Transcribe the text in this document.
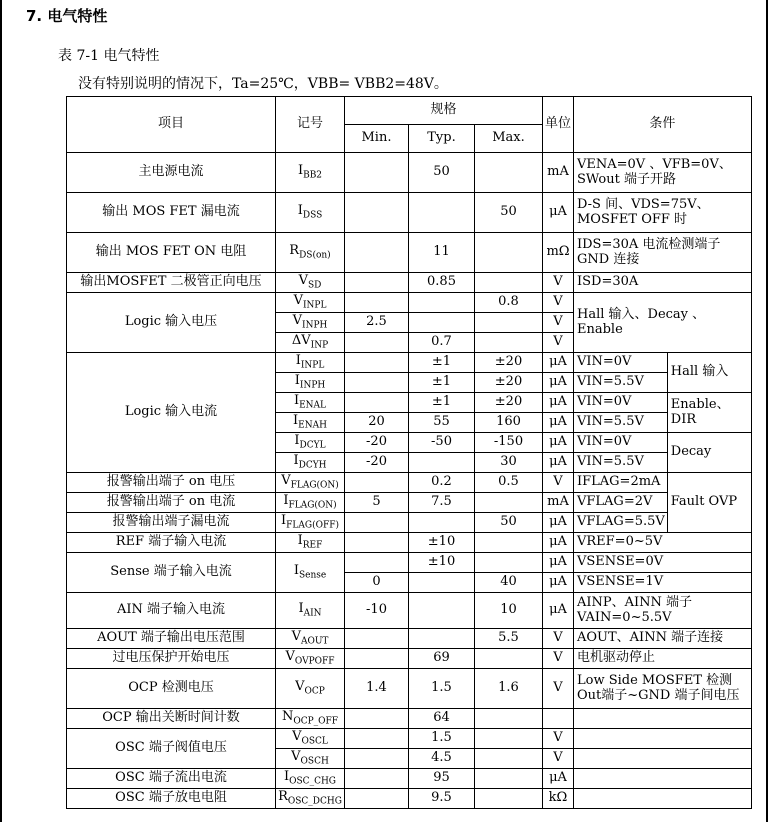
7. 电气特性
表 7-1 电气特性
没有特别说明的情况下，Ta=25℃，VBB= VBB2=48V。
项目	记号	规格			单位	条件	
		Min.	Typ.	Max.			
主电源电流	$I_{BB2}$		50		mA	VENA=0V 、VFB=0V、SWout 端子开路	
输出 MOS FET 漏电流	$I_{DSS}$			50	μA	D-S 间、VDS=75V、MOSFET OFF 时	
输出 MOS FET ON 电阻	$R_{DS(on)}$		11		mΩ	IDS=30A 电流检测端子 GND 连接	
输出MOSFET 二极管正向电压	$V_{SD}$		0.85		V	ISD=30A	
Logic 输入电压	$V_{INPL}$			0.8	V	Hall 输入、Decay 、Enable	
	$V_{INPH}$	2.5			V		
	$\Delta V_{INP}$		0.7		V		
Logic 输入电流	$I_{INPL}$		±1	±20	μA	VIN=0V	Hall 输入
	$I_{INPH}$		±1	±20	μA	VIN=5.5V	
	$I_{ENAL}$		±1	±20	μA	VIN=0V	Enable、DIR
	$I_{ENAH}$	20	55	160	μA	VIN=5.5V	
	$I_{DCYL}$	-20	-50	-150	μA	VIN=0V	Decay
	$I_{DCYH}$	-20		30	μA	VIN=5.5V	
报警输出端子 on 电压	$V_{FLAG(ON)}$		0.2	0.5	V	IFLAG=2mA	Fault OVP
报警输出端子 on 电流	$I_{FLAG(ON)}$	5	7.5		mA	VFLAG=2V	
报警输出端子漏电流	$I_{FLAG(OFF)}$			50	μA	VFLAG=5.5V	
REF 端子输入电流	$I_{REF}$		±10		μA	VREF=0~5V	
Sense 端子输入电流	$I_{Sense}$		±10		μA	VSENSE=0V	
		0		40	μA	VSENSE=1V	
AIN 端子输入电流	$I_{AIN}$	-10		10	μA	AINP、AINN 端子 VAIN=0~5.5V	
AOUT 端子输出电压范围	$V_{AOUT}$			5.5	V	AOUT、AINN 端子连接	
过电压保护开始电压	$V_{OVPOFF}$		69		V	电机驱动停止	
OCP 检测电压	$V_{OCP}$	1.4	1.5	1.6	V	Low Side MOSFET 检测 Out端子~GND 端子间电压	
OCP 输出关断时间计数	$N_{OCP\_OFF}$		64				
OSC 端子阀值电压	$V_{OSCL}$		1.5		V		
	$V_{OSCH}$		4.5		V		
OSC 端子流出电流	$I_{OSC\_CHG}$		95		μA		
OSC 端子放电电阻	$R_{OSC\_DCHG}$		9.5		kΩ		
